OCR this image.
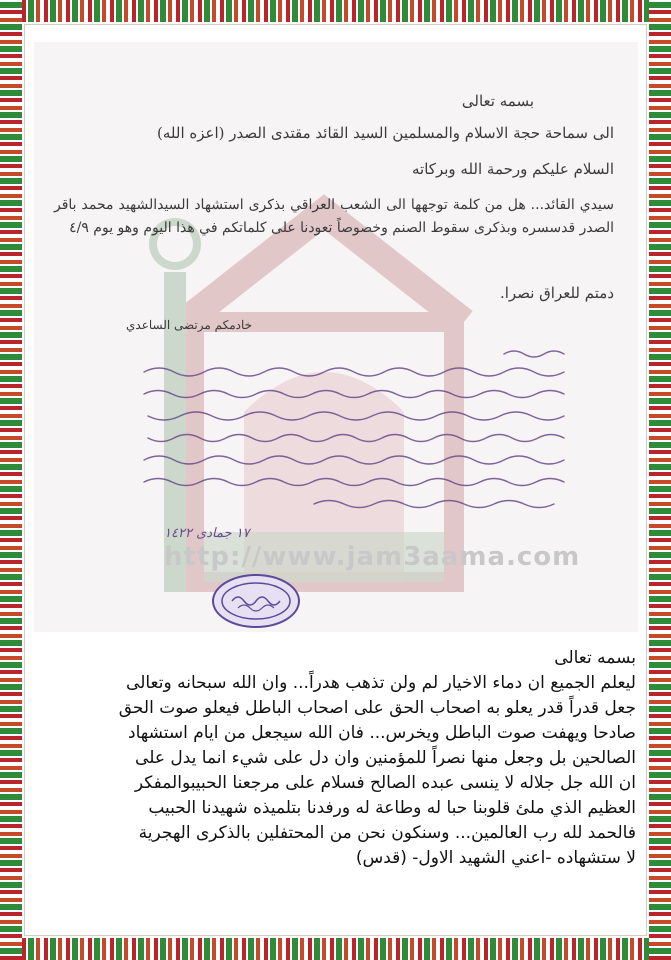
http://www.jam3aama.com
بسمه تعالى
الى سماحة حجة الاسلام والمسلمين السيد القائد مقتدى الصدر (اعزه الله)
السلام عليكم ورحمة الله وبركاته
سيدي القائد... هل من كلمة توجهها الى الشعب العراقي بذكرى استشهاد السيدالشهيد محمد باقر الصدر قدسسره وبذكرى سقوط الصنم وخصوصاً تعودنا على كلماتكم في هذا اليوم وهو يوم ٤/٩
دمتم للعراق نصرا.
خادمكم مرتضى الساعدي
١٧ جمادى ١٤٢٢
بسمه تعالى
ليعلم الجميع ان دماء الاخيار لم ولن تذهب هدراً... وان الله سبحانه وتعالى
جعل قدراً قدر يعلو به اصحاب الحق على اصحاب الباطل فيعلو صوت الحق
صادحا ويهفت صوت الباطل ويخرس... فان الله سيجعل من ايام استشهاد
الصالحين بل وجعل منها نصراً للمؤمنين وان دل على شيء انما يدل على
ان الله جل جلاله لا ينسى عبده الصالح فسلام على مرجعنا الحبيبوالمفكر
العظيم الذي ملئ قلوبنا حبا له وطاعة له ورفدنا بتلميذه شهيدنا الحبيب
فالحمد لله رب العالمين... وسنكون نحن من المحتفلين بالذكرى الهجرية
لا ستشهاده -اعني الشهيد الاول- (قدس)
